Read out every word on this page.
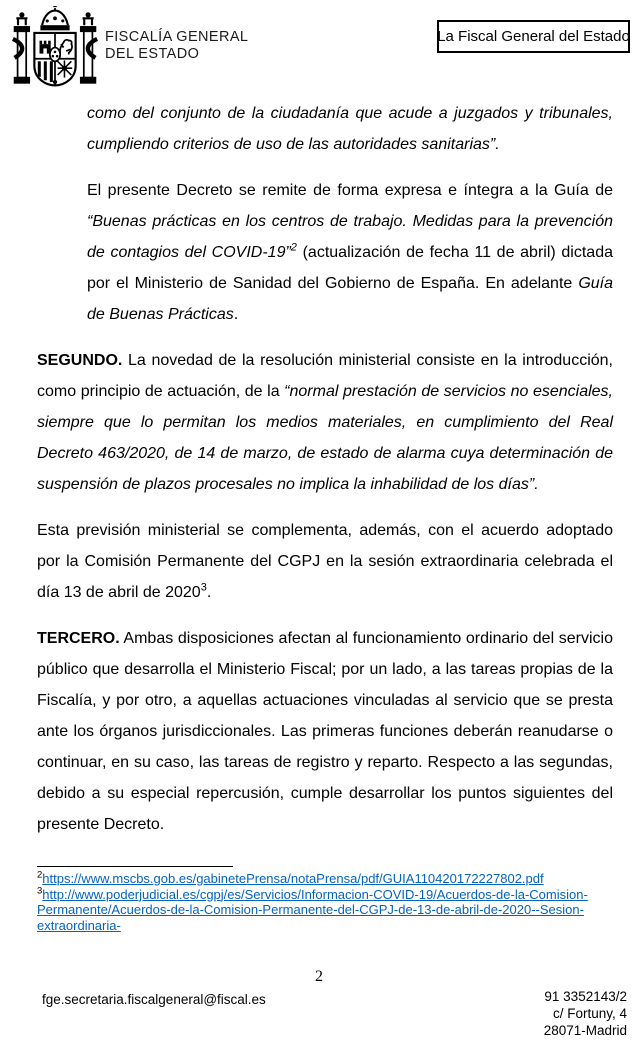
FISCALÍA GENERAL
DEL ESTADO
La Fiscal General del Estado

como del conjunto de la ciudadanía que acude a juzgados y tribunales, cumpliendo criterios de uso de las autoridades sanitarias”.

El presente Decreto se remite de forma expresa e íntegra a la Guía de “Buenas prácticas en los centros de trabajo. Medidas para la prevención de contagios del COVID-19”$^2$ (actualización de fecha 11 de abril) dictada por el Ministerio de Sanidad del Gobierno de España. En adelante Guía de Buenas Prácticas.

SEGUNDO. La novedad de la resolución ministerial consiste en la introducción, como principio de actuación, de la “normal prestación de servicios no esenciales, siempre que lo permitan los medios materiales, en cumplimiento del Real Decreto 463/2020, de 14 de marzo, de estado de alarma cuya determinación de suspensión de plazos procesales no implica la inhabilidad de los días”.

Esta previsión ministerial se complementa, además, con el acuerdo adoptado por la Comisión Permanente del CGPJ en la sesión extraordinaria celebrada el día 13 de abril de 2020$^3$.

TERCERO. Ambas disposiciones afectan al funcionamiento ordinario del servicio público que desarrolla el Ministerio Fiscal; por un lado, a las tareas propias de la Fiscalía, y por otro, a aquellas actuaciones vinculadas al servicio que se presta ante los órganos jurisdiccionales. Las primeras funciones deberán reanudarse o continuar, en su caso, las tareas de registro y reparto. Respecto a las segundas, debido a su especial repercusión, cumple desarrollar los puntos siguientes del presente Decreto.

$^2$https://www.mscbs.gob.es/gabinetePrensa/notaPrensa/pdf/GUIA110420172227802.pdf
$^3$http://www.poderjudicial.es/cgpj/es/Servicios/Informacion-COVID-19/Acuerdos-de-la-Comision-Permanente/Acuerdos-de-la-Comision-Permanente-del-CGPJ-de-13-de-abril-de-2020--Sesion-extraordinaria-
2
fge.secretaria.fiscalgeneral@fiscal.es	91 3352143/2
c/ Fortuny, 4
28071-Madrid
